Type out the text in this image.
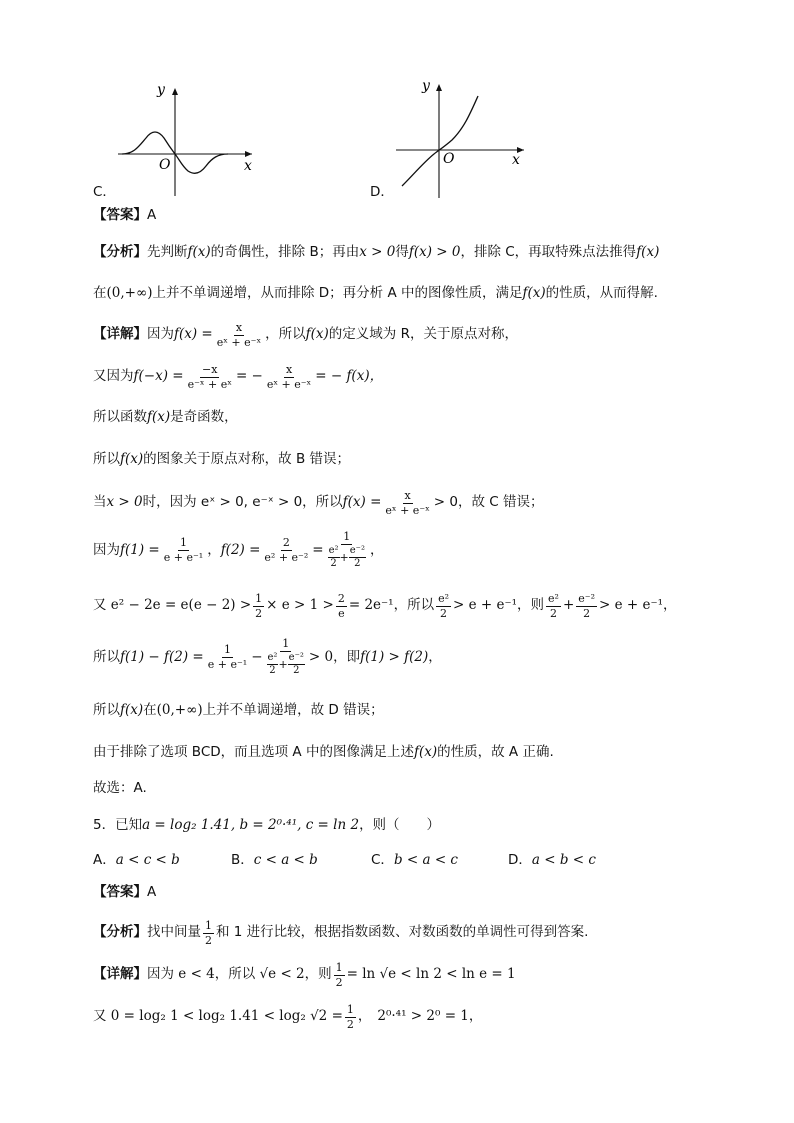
y
x
O
C．
y
x
O
D．
【答案】A
【分析】先判断f(x)的奇偶性，排除 B；再由x > 0得f(x) > 0，排除 C，再取特殊点法推得f(x)
在(0,+∞)上并不单调递增，从而排除 D；再分析 A 中的图像性质，满足f(x)的性质，从而得解.
【详解】 因为 $f(x) = \frac{x}{\text{eˣ + e⁻ˣ}}$ ，所以 f(x) 的定义域为 R，关于原点对称，
又因为 $f(-x) = \frac{-x}{\text{e⁻ˣ + eˣ}}$ = − $\frac{x}{\text{eˣ + e⁻ˣ}}$ = − f(x)，
所以函数f(x)是奇函数，
所以f(x)的图象关于原点对称，故 B 错误；
当 x > 0 时，因为 eˣ > 0, e⁻ˣ > 0，所以 $f(x) = \frac{x}{\text{eˣ + e⁻ˣ}} > 0$，故 C 错误；
因为 $f(1) = \frac{1}{\text{e + e⁻¹}}$ ， $f(2) = \frac{2}{\text{e² + e⁻²}} = \frac{1}{\frac{\text{e²}}{2} + \frac{\text{e⁻²}}{2}}$ ，
又 $e^2 - 2e = e(e - 2) > \frac{1}{2} \times e > 1 > \frac{2}{e} = 2e^{-1}$，所以 $\frac{\text{e²}}{2} > e + e^{-1}$，则 $\frac{\text{e²}}{2} + \frac{\text{e⁻²}}{2} > e + e^{-1}$，
所以 $f(1) - f(2) = \frac{1}{\text{e + e⁻¹}} - \frac{1}{\frac{\text{e²}}{2} + \frac{\text{e⁻²}}{2}} > 0$ ，即 f(1) > f(2) ，
所以f(x)在(0,+∞)上并不单调递增，故 D 错误；
由于排除了选项 BCD，而且选项 A 中的图像满足上述f(x)的性质，故 A 正确.
故选：A.
5．已知a = log₂ 1.41, b = 2⁰·⁴¹, c = ln 2，则（　　）
A．a < c < b	B．c < a < b	C．b < a < c	D．a < b < c
【答案】A
【分析】 找中间量 $\frac{1}{2}$ 和 1 进行比较，根据指数函数、对数函数的单调性可得到答案.
【详解】 因为 e < 4，所以 √e < 2，则 $\frac{1}{2} = \ln √e < \ln 2 < \ln e = 1$
又 0 = log₂ 1 < log₂ 1.41 < log₂ $√2 = \frac{1}{2}$ ， 2⁰·⁴¹ > 2⁰ = 1，
